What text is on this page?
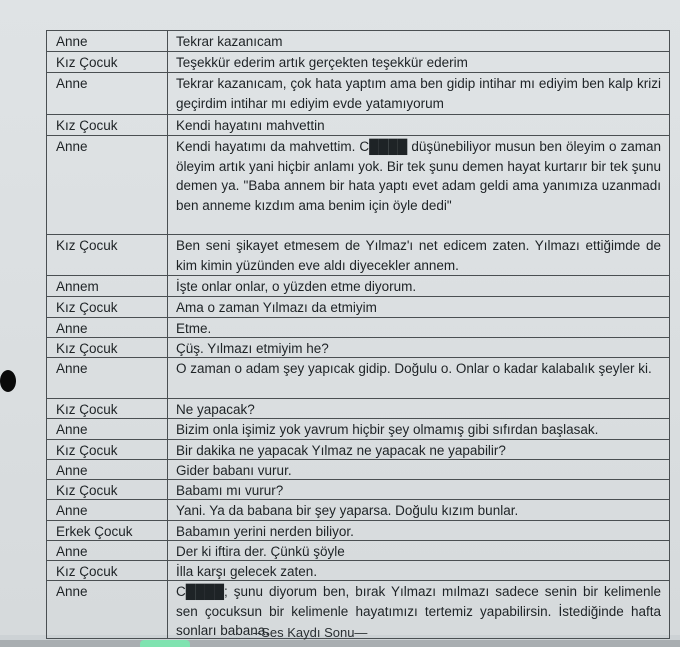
Anne	Tekrar kazanıcam
Kız Çocuk	Teşekkür ederim artık gerçekten teşekkür ederim
Anne	Tekrar kazanıcam, çok hata yaptım ama ben gidip intihar mı ediyim ben kalp krizi geçirdim intihar mı ediyim evde yatamıyorum
Kız Çocuk	Kendi hayatını mahvettin
Anne	Kendi hayatımı da mahvettim. C████ düşünebiliyor musun ben öleyim o zaman öleyim artık yani hiçbir anlamı yok. Bir tek şunu demen hayat kurtarır bir tek şunu demen ya. "Baba annem bir hata yaptı evet adam geldi ama yanımıza uzanmadı ben anneme kızdım ama benim için öyle dedi"
Kız Çocuk	Ben seni şikayet etmesem de Yılmaz'ı net edicem zaten. Yılmazı ettiğimde de kim kimin yüzünden eve aldı diyecekler annem.
Annem	İşte onlar onlar, o yüzden etme diyorum.
Kız Çocuk	Ama o zaman Yılmazı da etmiyim
Anne	Etme.
Kız Çocuk	Çüş. Yılmazı etmiyim he?
Anne	O zaman o adam şey yapıcak gidip. Doğulu o. Onlar o kadar kalabalık şeyler ki.
Kız Çocuk	Ne yapacak?
Anne	Bizim onla işimiz yok yavrum hiçbir şey olmamış gibi sıfırdan başlasak.
Kız Çocuk	Bir dakika ne yapacak Yılmaz ne yapacak ne yapabilir?
Anne	Gider babanı vurur.
Kız Çocuk	Babamı mı vurur?
Anne	Yani. Ya da babana bir şey yaparsa. Doğulu kızım bunlar.
Erkek Çocuk	Babamın yerini nerden biliyor.
Anne	Der ki iftira der. Çünkü şöyle
Kız Çocuk	İlla karşı gelecek zaten.
Anne	C████; şunu diyorum ben, bırak Yılmazı mılmazı sadece senin bir kelimenle sen çocuksun bir kelimenle hayatımızı tertemiz yapabilirsin. İstediğinde hafta sonları babana.
--Ses Kaydı Sonu—
